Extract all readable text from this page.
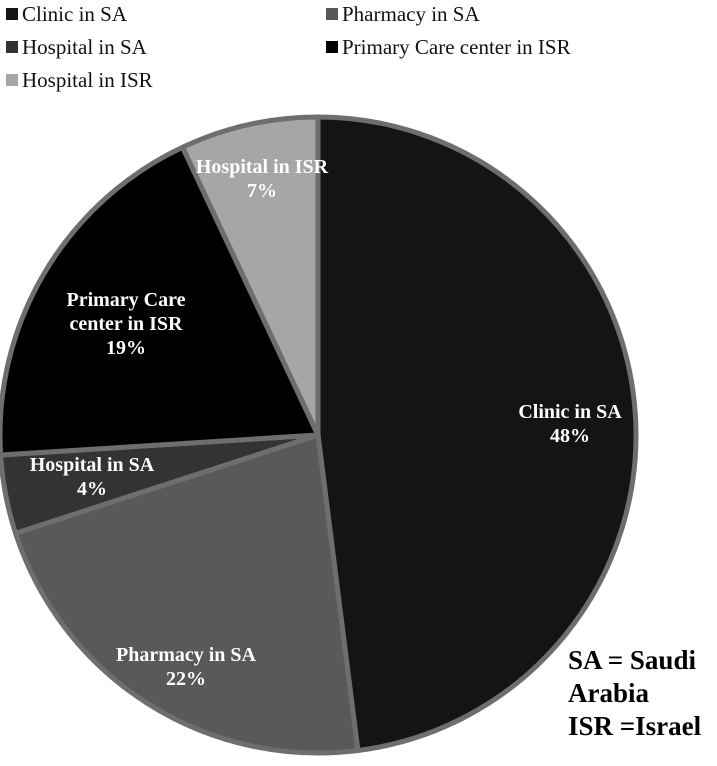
Clinic in SA	Pharmacy in SA
Hospital in SA	Primary Care center in ISR
Hospital in ISR
Clinic in SA 48%
Pharmacy in SA 22%
Hospital in SA 4%
Primary Care center in ISR 19%
Hospital in ISR 7%
SA = Saudi
Arabia
ISR =Israel
